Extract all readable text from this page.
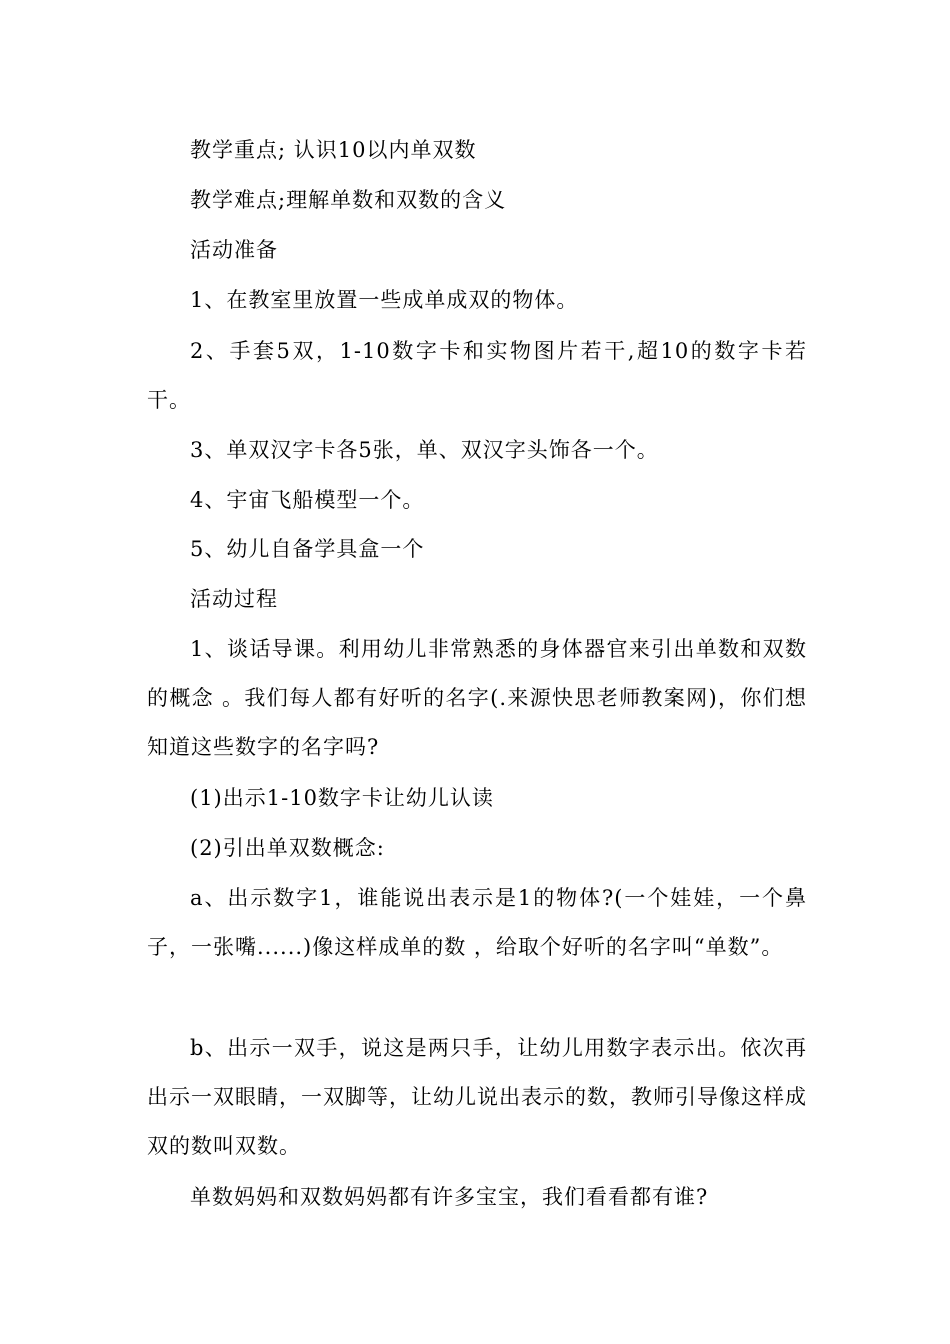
教学重点; 认识10以内单双数

教学难点;理解单数和双数的含义

活动准备

1、在教室里放置一些成单成双的物体。

2、手套5双，1-10数字卡和实物图片若干,超10的数字卡若干。

3、单双汉字卡各5张，单、双汉字头饰各一个。

4、宇宙飞船模型一个。

5、幼儿自备学具盒一个

活动过程

1、谈话导课。利用幼儿非常熟悉的身体器官来引出单数和双数的概念 。我们每人都有好听的名字(.来源快思老师教案网)，你们想知道这些数字的名字吗?

(1)出示1-10数字卡让幼儿认读

(2)引出单双数概念:

a、出示数字1，谁能说出表示是1的物体?(一个娃娃，一个鼻子，一张嘴......)像这样成单的数 ，给取个好听的名字叫“单数”。

b、出示一双手，说这是两只手，让幼儿用数字表示出。依次再出示一双眼睛，一双脚等，让幼儿说出表示的数，教师引导像这样成双的数叫双数。

单数妈妈和双数妈妈都有许多宝宝，我们看看都有谁?
